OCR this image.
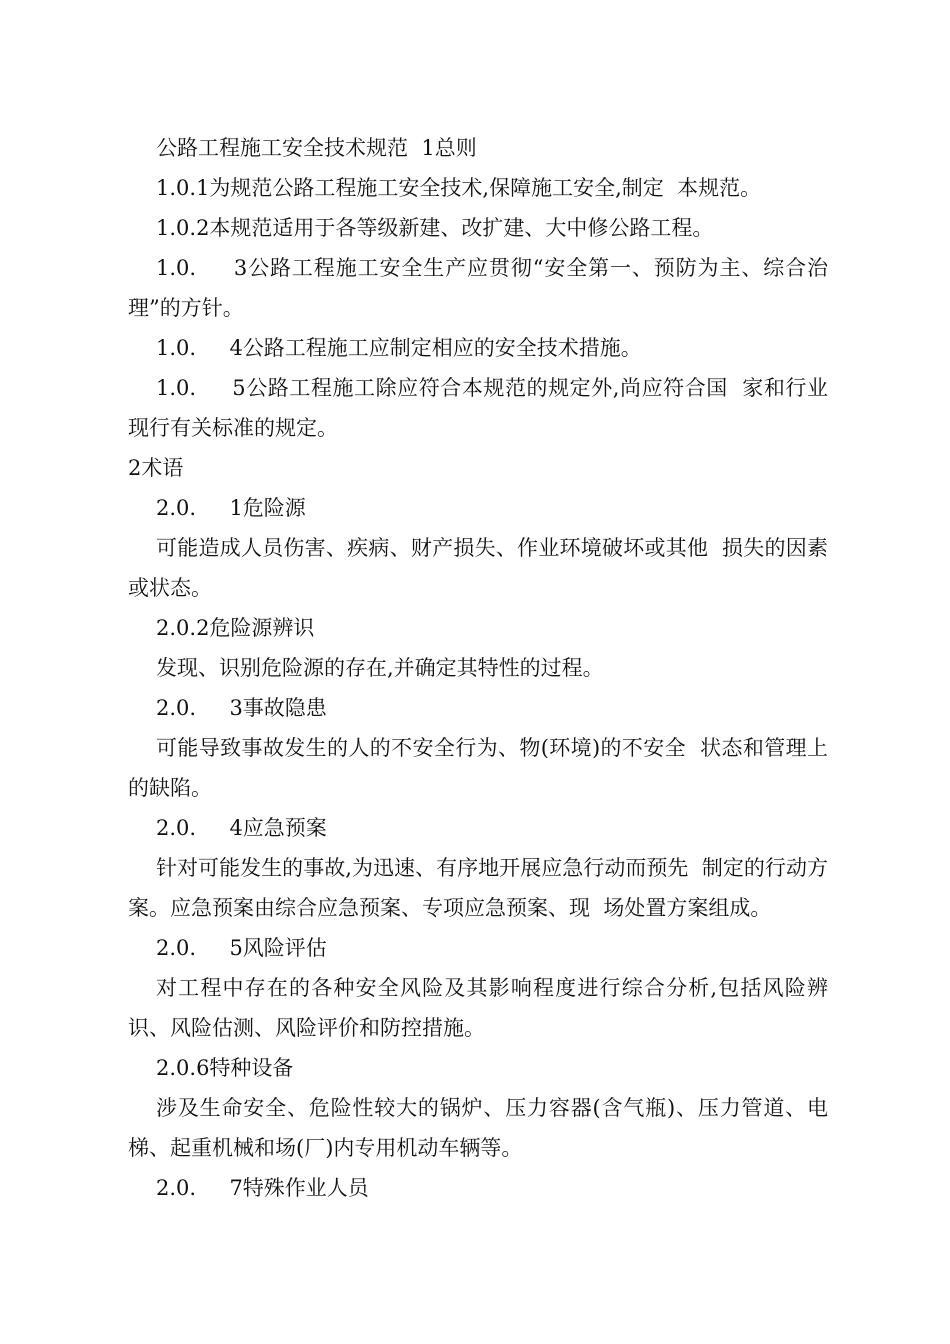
公路工程施工安全技术规范  1总则

1.0.1为规范公路工程施工安全技术,保障施工安全,制定  本规范。

1.0.2本规范适用于各等级新建、改扩建、大中修公路工程。

1.0.     3公路工程施工安全生产应贯彻“安全第一、预防为主、综合治理”的方针。

1.0.     4公路工程施工应制定相应的安全技术措施。

1.0.     5公路工程施工除应符合本规范的规定外,尚应符合国  家和行业现行有关标准的规定。

2术语

2.0.     1危险源

可能造成人员伤害、疾病、财产损失、作业环境破坏或其他  损失的因素或状态。

2.0.2危险源辨识

发现、识别危险源的存在,并确定其特性的过程。

2.0.     3事故隐患

可能导致事故发生的人的不安全行为、物(环境)的不安全  状态和管理上的缺陷。

2.0.     4应急预案

针对可能发生的事故,为迅速、有序地开展应急行动而预先  制定的行动方案。应急预案由综合应急预案、专项应急预案、现  场处置方案组成。

2.0.     5风险评估

对工程中存在的各种安全风险及其影响程度进行综合分析,包括风险辨识、风险估测、风险评价和防控措施。

2.0.6特种设备

涉及生命安全、危险性较大的锅炉、压力容器(含气瓶)、压力管道、电梯、起重机械和场(厂)内专用机动车辆等。

2.0.     7特殊作业人员
